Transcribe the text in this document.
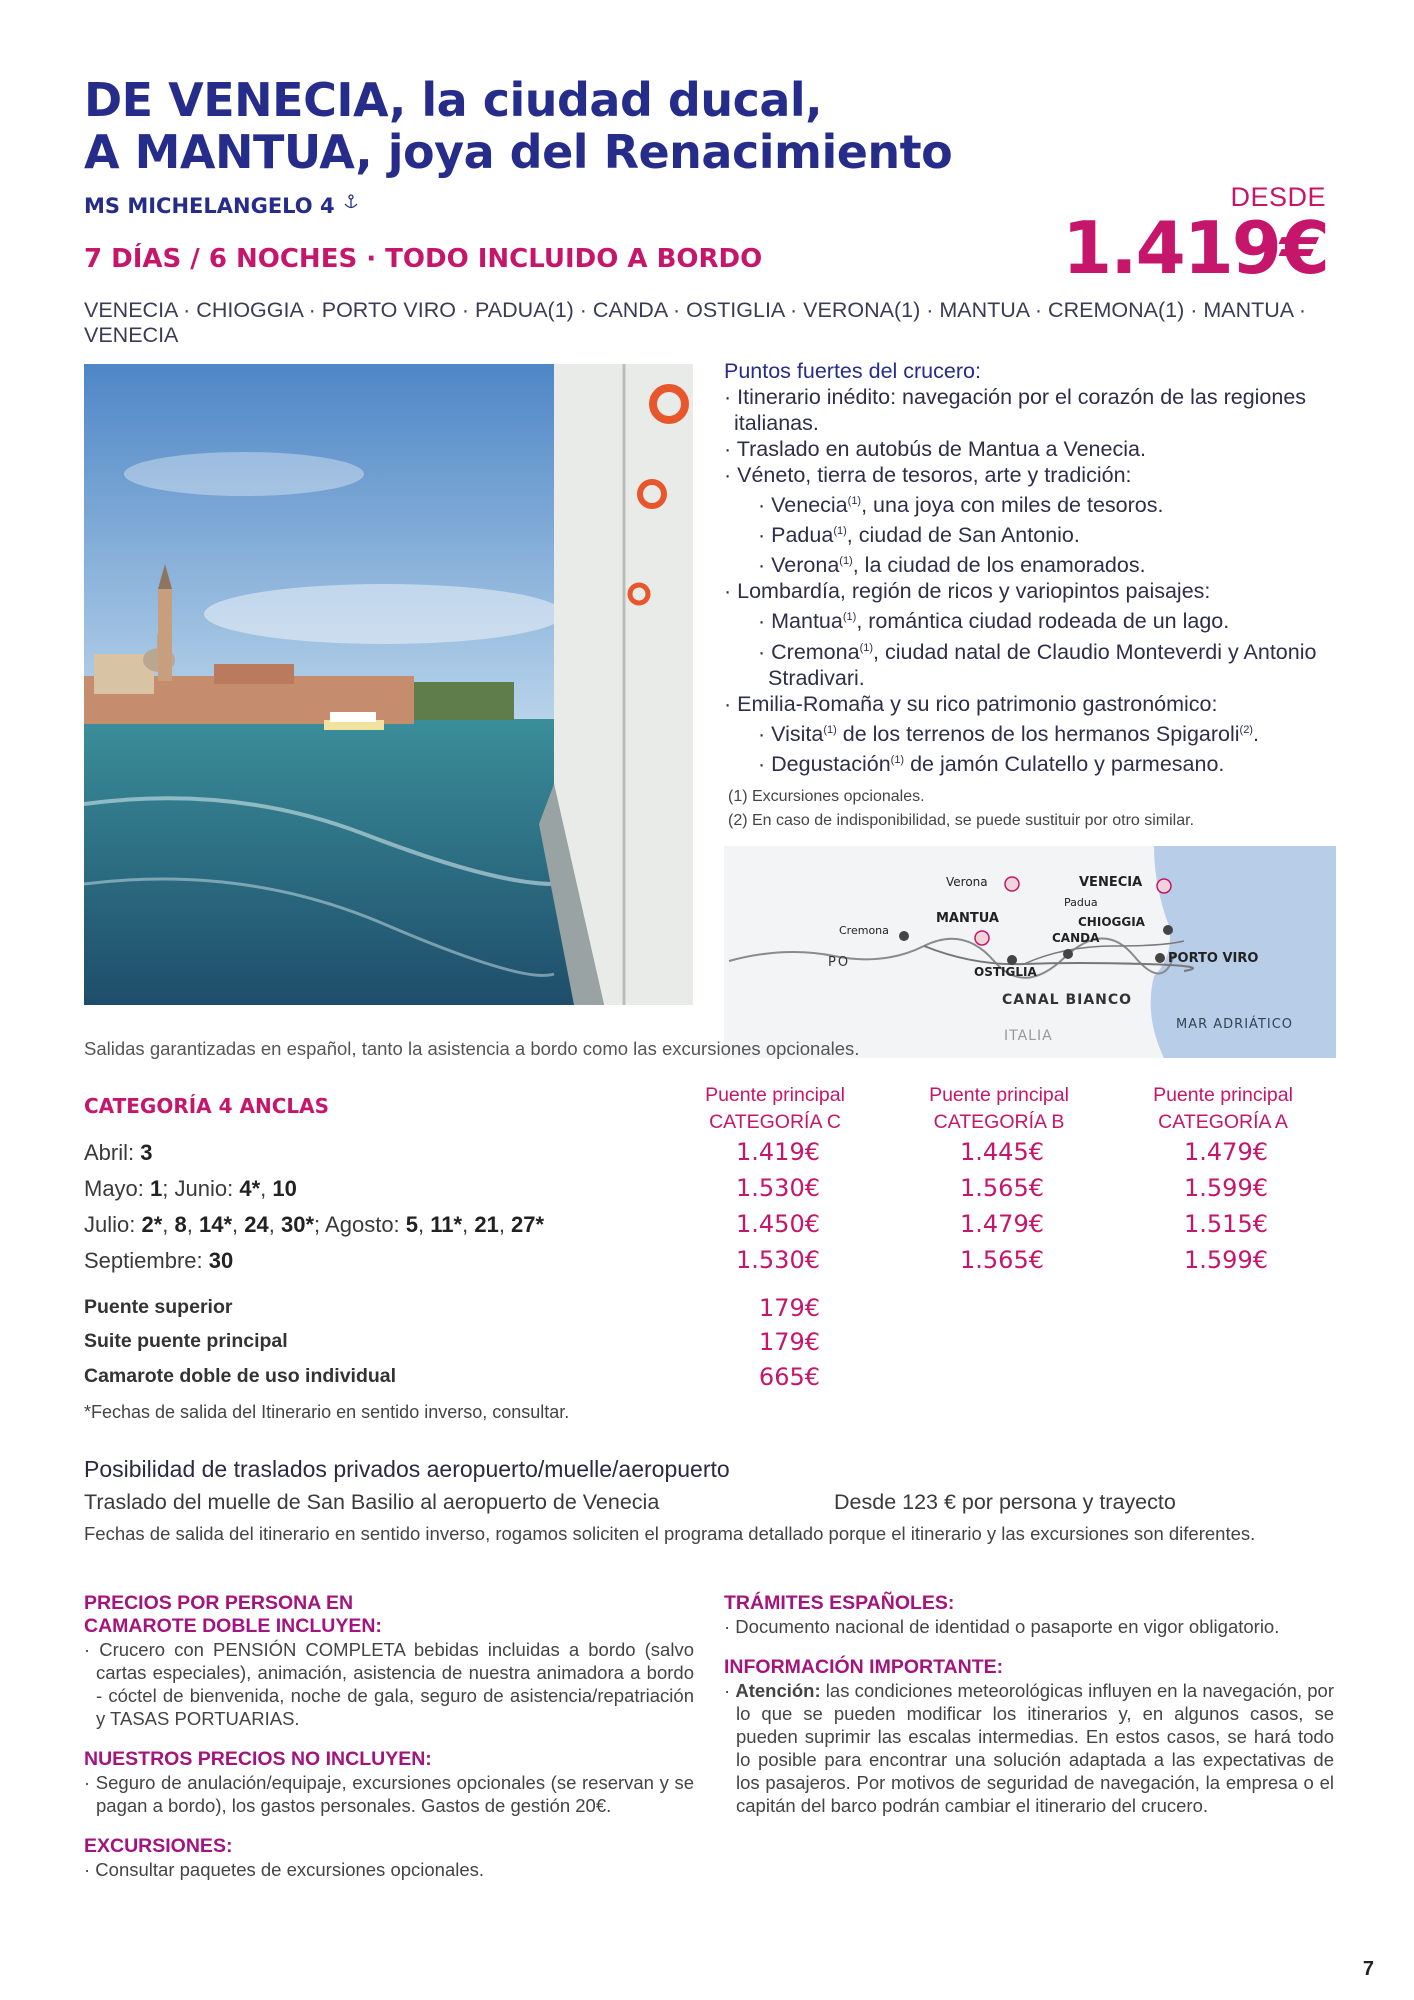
DE VENECIA, la ciudad ducal,
A MANTUA, joya del Renacimiento
MS MICHELANGELO 4
7 DÍAS / 6 NOCHES · TODO INCLUIDO A BORDO
DESDE
1.419€
VENECIA · CHIOGGIA · PORTO VIRO · PADUA(1) · CANDA · OSTIGLIA · VERONA(1) · MANTUA · CREMONA(1) · MANTUA · VENECIA
Puntos fuertes del crucero:
· Itinerario inédito: navegación por el corazón de las regiones italianas.
· Traslado en autobús de Mantua a Venecia.
· Véneto, tierra de tesoros, arte y tradición:
· Venecia$^{(1)}$, una joya con miles de tesoros.
· Padua$^{(1)}$, ciudad de San Antonio.
· Verona$^{(1)}$, la ciudad de los enamorados.
· Lombardía, región de ricos y variopintos paisajes:
· Mantua$^{(1)}$, romántica ciudad rodeada de un lago.
· Cremona$^{(1)}$, ciudad natal de Claudio Monteverdi y Antonio Stradivari.
· Emilia-Romaña y su rico patrimonio gastronómico:
· Visita$^{(1)}$ de los terrenos de los hermanos Spigaroli$^{(2)}$.
· Degustación$^{(1)}$ de jamón Culatello y parmesano.
(1) Excursiones opcionales.
(2) En caso de indisponibilidad, se puede sustituir por otro similar.
Verona	VENECIA
Padua
MANTUA	CHIOGGIA
Cremona
CANDA
PO
OSTIGLIA
PORTO VIRO
CANAL BIANCO
ITALIA
MAR ADRIÁTICO
Salidas garantizadas en español, tanto la asistencia a bordo como las excursiones opcionales.
CATEGORÍA 4 ANCLAS	Puente principal
CATEGORÍA C
Puente principal
CATEGORÍA B
Puente principal
CATEGORÍA A
Abril: 3	1.419€	1.445€	1.479€
Mayo: 1; Junio: 4*, 10	1.530€	1.565€	1.599€
Julio: 2*, 8, 14*, 24, 30*; Agosto: 5, 11*, 21, 27*	1.450€	1.479€	1.515€
Septiembre: 30	1.530€	1.565€	1.599€
Puente superior	179€
Suite puente principal	179€
Camarote doble de uso individual	665€
*Fechas de salida del Itinerario en sentido inverso, consultar.
Posibilidad de traslados privados aeropuerto/muelle/aeropuerto
Traslado del muelle de San Basilio al aeropuerto de Venecia	Desde 123 € por persona y trayecto
Fechas de salida del itinerario en sentido inverso, rogamos soliciten el programa detallado porque el itinerario y las excursiones son diferentes.
PRECIOS POR PERSONA EN
CAMAROTE DOBLE INCLUYEN:
· Crucero con PENSIÓN COMPLETA bebidas incluidas a bordo (salvo cartas especiales), animación, asistencia de nuestra animadora a bordo - cóctel de bienvenida, noche de gala, seguro de asistencia/repatriación y TASAS PORTUARIAS.
NUESTROS PRECIOS NO INCLUYEN:
· Seguro de anulación/equipaje, excursiones opcionales (se reservan y se pagan a bordo), los gastos personales. Gastos de gestión 20€.
EXCURSIONES:
· Consultar paquetes de excursiones opcionales.
TRÁMITES ESPAÑOLES:
· Documento nacional de identidad o pasaporte en vigor obligatorio.
INFORMACIÓN IMPORTANTE:
· Atención: las condiciones meteorológicas influyen en la navegación, por lo que se pueden modificar los itinerarios y, en algunos casos, se pueden suprimir las escalas intermedias. En estos casos, se hará todo lo posible para encontrar una solución adaptada a las expectativas de los pasajeros. Por motivos de seguridad de navegación, la empresa o el capitán del barco podrán cambiar el itinerario del crucero.
7
